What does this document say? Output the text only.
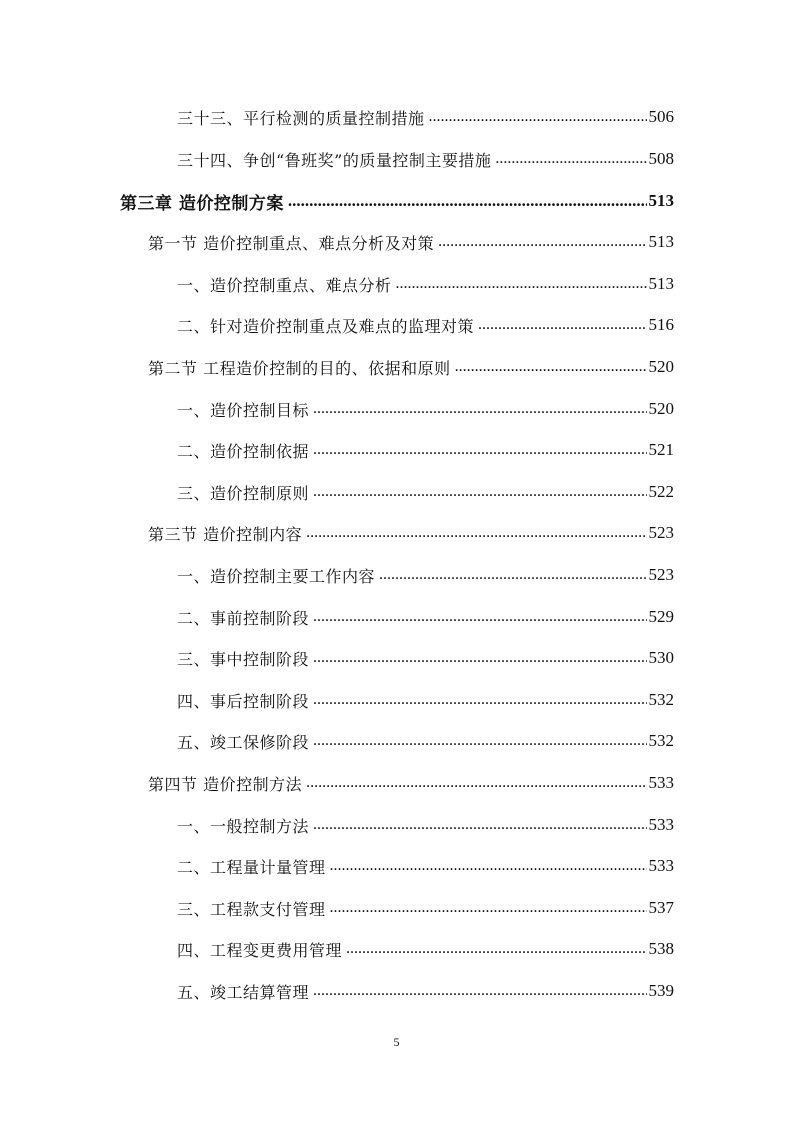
三十三、平行检测的质量控制措施 .....	506
三十四、争创“鲁班奖”的质量控制主要措施 .....	508
第三章 造价控制方案 .....	513
第一节 造价控制重点、难点分析及对策 .....	513
一、造价控制重点、难点分析 .....	513
二、针对造价控制重点及难点的监理对策 .....	516
第二节 工程造价控制的目的、依据和原则 .....	520
一、造价控制目标 .....	520
二、造价控制依据 .....	521
三、造价控制原则 .....	522
第三节 造价控制内容 .....	523
一、造价控制主要工作内容 .....	523
二、事前控制阶段 .....	529
三、事中控制阶段 .....	530
四、事后控制阶段 .....	532
五、竣工保修阶段 .....	532
第四节 造价控制方法 .....	533
一、一般控制方法 .....	533
二、工程量计量管理 .....	533
三、工程款支付管理 .....	537
四、工程变更费用管理 .....	538
五、竣工结算管理 .....	539
5
